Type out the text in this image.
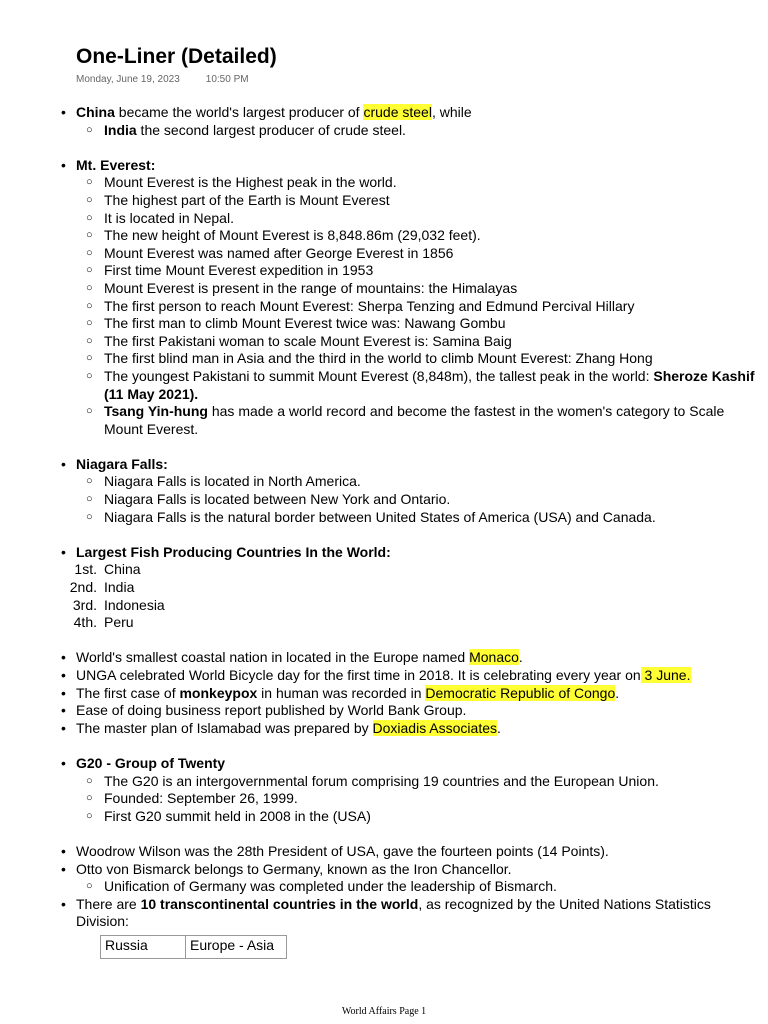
One-Liner (Detailed)
Monday, June 19, 2023	10:50 PM
• China became the world's largest producer of crude steel, while
○ India the second largest producer of crude steel.
• Mt. Everest:
○ Mount Everest is the Highest peak in the world.
○ The highest part of the Earth is Mount Everest
○ It is located in Nepal.
○ The new height of Mount Everest is 8,848.86m (29,032 feet).
○ Mount Everest was named after George Everest in 1856
○ First time Mount Everest expedition in 1953
○ Mount Everest is present in the range of mountains: the Himalayas
○ The first person to reach Mount Everest: Sherpa Tenzing and Edmund Percival Hillary
○ The first man to climb Mount Everest twice was: Nawang Gombu
○ The first Pakistani woman to scale Mount Everest is: Samina Baig
○ The first blind man in Asia and the third in the world to climb Mount Everest: Zhang Hong
○ The youngest Pakistani to summit Mount Everest (8,848m), the tallest peak in the world: Sheroze Kashif (11 May 2021).
○ Tsang Yin-hung has made a world record and become the fastest in the women's category to Scale Mount Everest.
• Niagara Falls:
○ Niagara Falls is located in North America.
○ Niagara Falls is located between New York and Ontario.
○ Niagara Falls is the natural border between United States of America (USA) and Canada.
• Largest Fish Producing Countries In the World:
1st. China
2nd. India
3rd. Indonesia
4th. Peru
• World's smallest coastal nation in located in the Europe named Monaco.
• UNGA celebrated World Bicycle day for the first time in 2018. It is celebrating every year on 3 June.
• The first case of monkeypox in human was recorded in Democratic Republic of Congo.
• Ease of doing business report published by World Bank Group.
• The master plan of Islamabad was prepared by Doxiadis Associates.
• G20 - Group of Twenty
○ The G20 is an intergovernmental forum comprising 19 countries and the European Union.
○ Founded: September 26, 1999.
○ First G20 summit held in 2008 in the (USA)
• Woodrow Wilson was the 28th President of USA, gave the fourteen points (14 Points).
• Otto von Bismarck belongs to Germany, known as the Iron Chancellor.
○ Unification of Germany was completed under the leadership of Bismarch.
• There are 10 transcontinental countries in the world, as recognized by the United Nations Statistics Division:
Russia	Europe - Asia
World Affairs Page 1
